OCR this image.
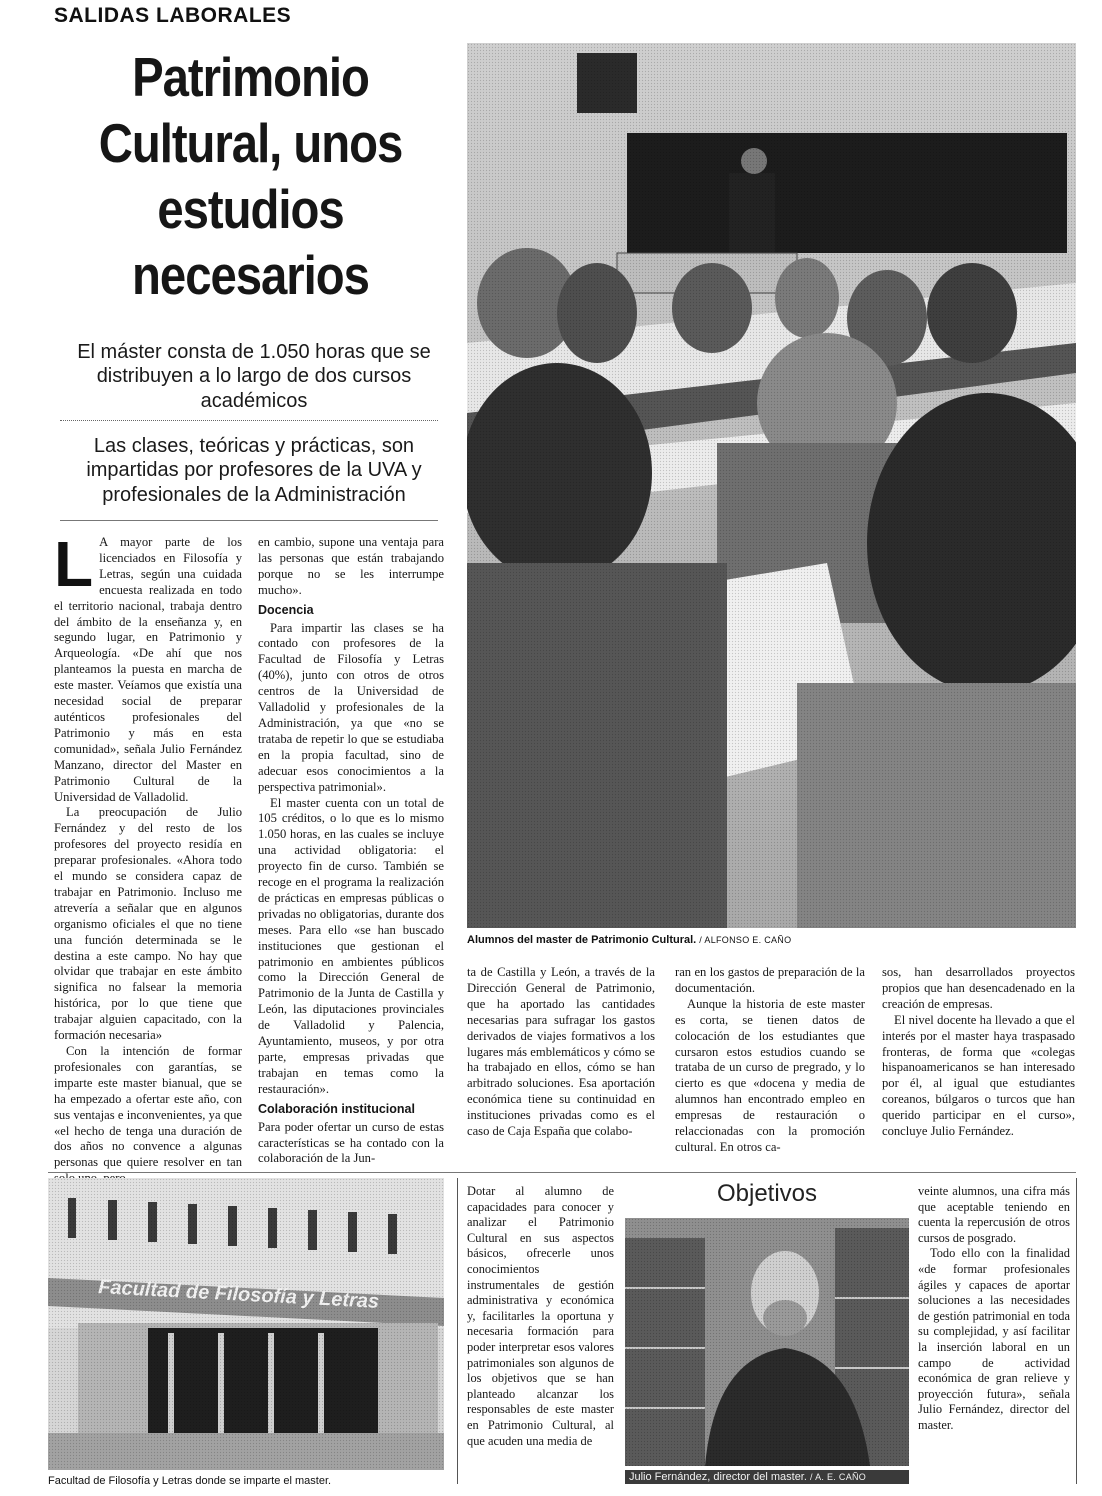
SALIDAS LABORALES
Patrimonio Cultural, unos estudios necesarios
El máster consta de 1.050 horas que se distribuyen a lo largo de dos cursos académicos
Las clases, teóricas y prácticas, son impartidas por profesores de la UVA y profesionales de la Administración
Alumnos del master de Patrimonio Cultural. / ALFONSO E. CAÑO

L A mayor parte de los licenciados en Filosofía y Letras, según una cuidada encuesta realizada en todo el territorio nacional, trabaja dentro del ámbito de la enseñanza y, en segundo lugar, en Patrimonio y Arqueología. «De ahí que nos planteamos la puesta en marcha de este master. Veíamos que existía una necesidad social de preparar auténticos profesionales del Patrimonio y más en esta comunidad», señala Julio Fernández Manzano, director del Master en Patrimonio Cultural de la Universidad de Valladolid.

La preocupación de Julio Fernández y del resto de los profesores del proyecto residía en preparar profesionales. «Ahora todo el mundo se considera capaz de trabajar en Patrimonio. Incluso me atrevería a señalar que en algunos organismo oficiales el que no tiene una función determinada se le destina a este campo. No hay que olvidar que trabajar en este ámbito significa no falsear la memoria histórica, por lo que tiene que trabajar alguien capacitado, con la formación necesaria»

Con la intención de formar profesionales con garantías, se imparte este master bianual, que se ha empezado a ofertar este año, con sus ventajas e inconvenientes, ya que «el hecho de tenga una duración de dos años no convence a algunas personas que quiere resolver en tan

en cambio, supone una ventaja para las personas que están trabajando porque no se les interrumpe mucho».

Docencia

Para impartir las clases se ha contado con profesores de la Facultad de Filosofía y Letras (40%), junto con otros de otros centros de la Universidad de Valladolid y profesionales de la Administración, ya que «no se trataba de repetir lo que se estudiaba en la propia facultad, sino de adecuar esos conocimientos a la perspectiva patrimonial».

El master cuenta con un total de 105 créditos, o lo que es lo mismo 1.050 horas, en las cuales se incluye una actividad obligatoria: el proyecto fin de curso. También se recoge en el programa la realización de prácticas en empresas públicas o privadas no obligatorias, durante dos meses. Para ello «se han buscado instituciones que gestionan el patrimonio en ambientes públicos como la Dirección General de Patrimonio de la Junta de Castilla y León, las diputaciones provinciales de Valladolid y Palencia, Ayuntamiento, museos, y por otra parte, empresas privadas que trabajan en temas como la restauración».

Colaboración institucional

Para poder ofertar un curso de estas características se ha contado con la colaboración de la Jun-

ta de Castilla y León, a través de la Dirección General de Patrimonio, que ha aportado las cantidades necesarias para sufragar los gastos derivados de viajes formativos a los lugares más emblemáticos y cómo se ha trabajado en ellos, cómo se han arbitrado soluciones. Esa aportación económica tiene su continuidad en instituciones privadas como es el caso de Caja España que colabo-

ran en los gastos de preparación de la documentación.

Aunque la historia de este master es corta, se tienen datos de colocación de los estudiantes que cursaron estos estudios cuando se trataba de un curso de pregrado, y lo cierto es que «docena y media de alumnos han encontrado empleo en empresas de restauración o relaccionadas con la promoción cultural. En otros ca-

sos, han desarrollados proyectos propios que han desencadenado en la creación de empresas.

El nivel docente ha llevado a que el interés por el master haya traspasado fronteras, de forma que «colegas hispanoamericanos se han interesado por él, al igual que estudiantes coreanos, búlgaros o turcos que han querido participar en el curso», concluye Julio Fernández.

Facultad de Filosofía y Letras donde se imparte el master.

Dotar al alumno de capacidades para conocer y analizar el Patrimonio Cultural en sus aspectos básicos, ofrecerle unos conocimientos instrumentales de gestión administrativa y económica y, facilitarles la oportuna y necesaria formación para poder interpretar esos valores patrimoniales son algunos de los objetivos que se han planteado alcanzar los responsables de este master en Patrimonio Cultural, al que acuden una media de

Objetivos
Julio Fernández, director del master. / A. E. CAÑO

veinte alumnos, una cifra más que aceptable teniendo en cuenta la repercusión de otros cursos de posgrado.

Todo ello con la finalidad «de formar profesionales ágiles y capaces de aportar soluciones a las necesidades de gestión patrimonial en toda su complejidad, y así facilitar la inserción laboral en un campo de actividad económica de gran relieve y proyección futura», señala Julio Fernández, director del master.
